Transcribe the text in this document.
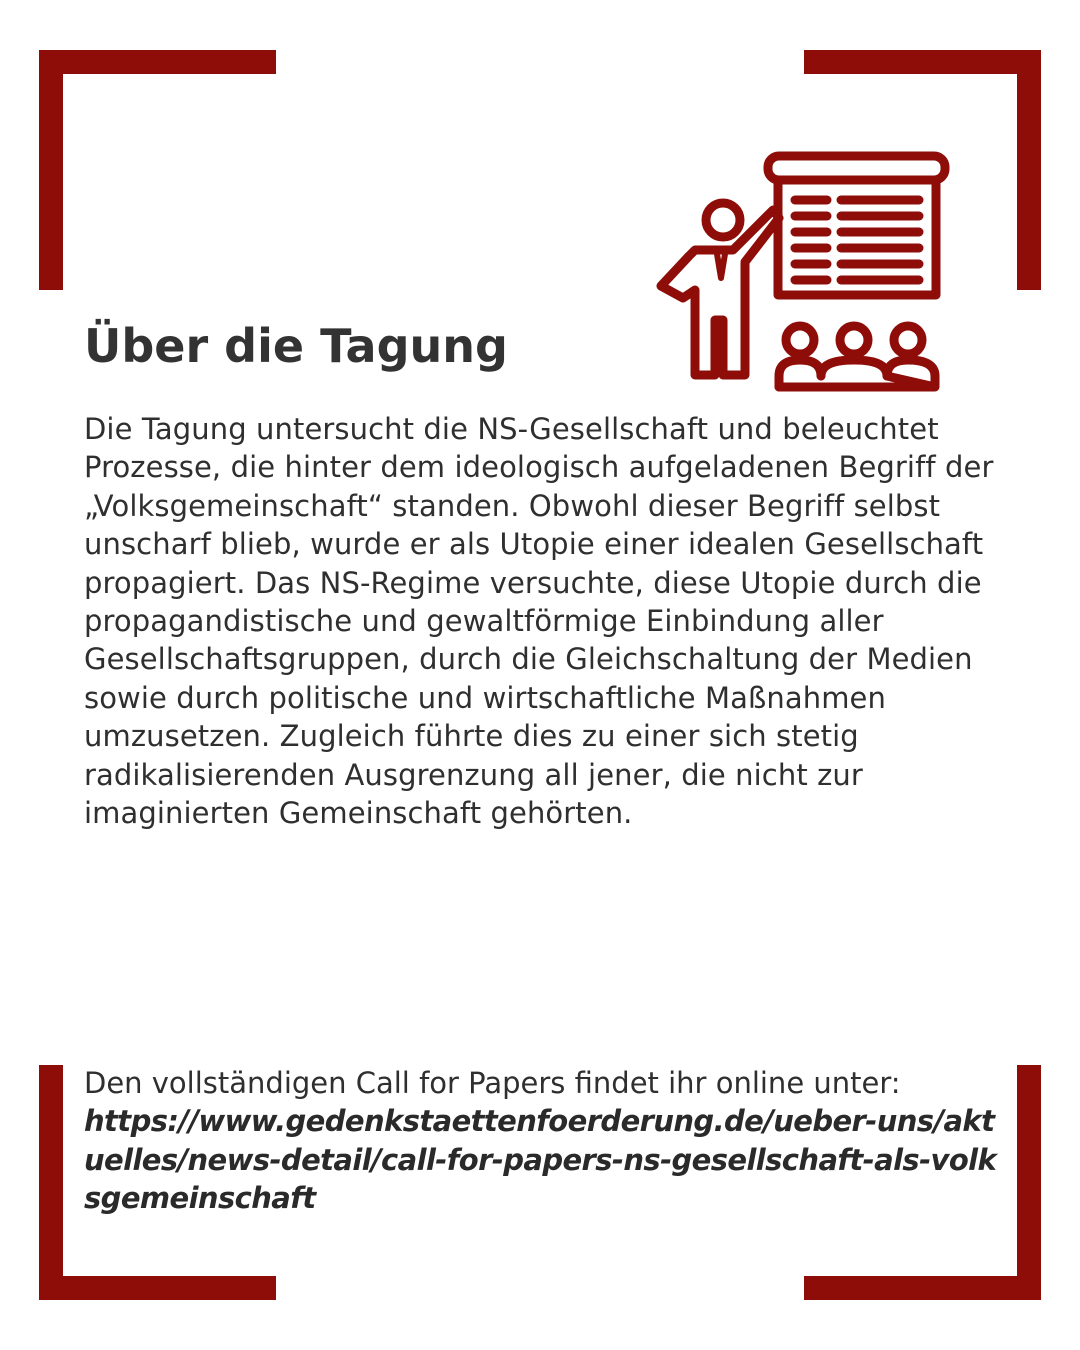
Über die Tagung

Die Tagung untersucht die NS-Gesellschaft und beleuchtet Prozesse, die hinter dem ideologisch aufgeladenen Begriff der „Volksgemeinschaft“ standen. Obwohl dieser Begriff selbst unscharf blieb, wurde er als Utopie einer idealen Gesellschaft propagiert. Das NS-Regime versuchte, diese Utopie durch die propagandistische und gewaltförmige Einbindung aller Gesellschaftsgruppen, durch die Gleichschaltung der Medien sowie durch politische und wirtschaftliche Maßnahmen umzusetzen. Zugleich führte dies zu einer sich stetig radikalisierenden Ausgrenzung all jener, die nicht zur imaginierten Gemeinschaft gehörten.

Den vollständigen Call for Papers findet ihr online unter:
https://www.gedenkstaettenfoerderung.de/ueber-uns/aktuelles/news-detail/call-for-papers-ns-gesellschaft-als-volksgemeinschaft
